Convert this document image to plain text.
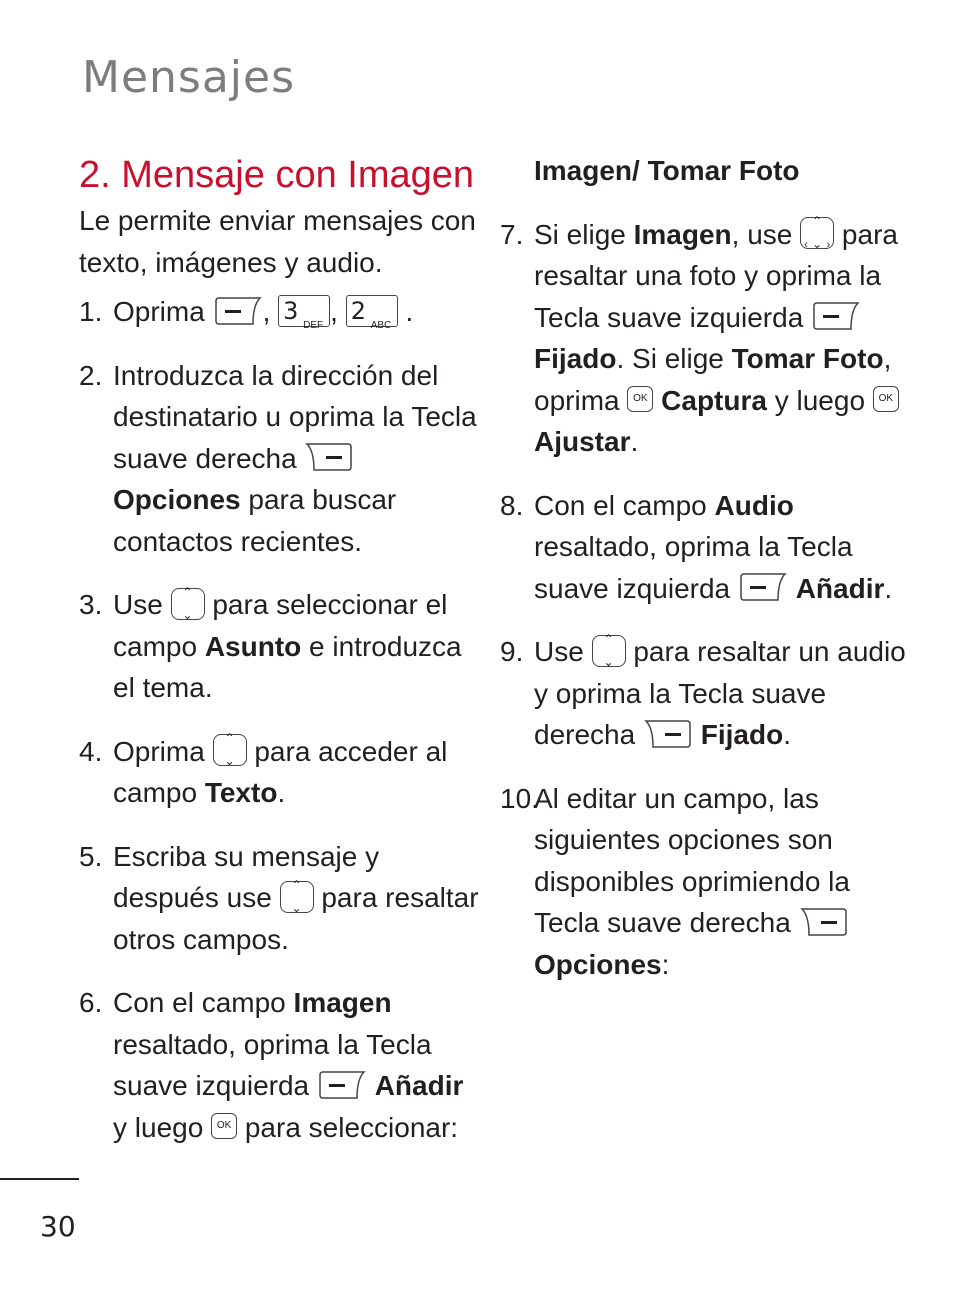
Mensajes
2. Mensaje con Imagen

Le permite enviar mensajes con texto, imágenes y audio.

1. Oprima , 3
DEF , 2
ABC .
2. Introduzca la dirección del destinatario u oprima la Tecla suave derecha  Opciones para buscar contactos recientes.
3. Use ⌃ ⌄ para seleccionar el campo Asunto e introduzca el tema.
4. Oprima ⌃ ⌄ para acceder al campo Texto.
5. Escriba su mensaje y después use ⌃ ⌄ para resaltar otros campos.
6. Con el campo Imagen resaltado, oprima la Tecla suave izquierda Añadir y luego OK para seleccionar:
Imagen/ Tomar Foto
7. Si elige Imagen, use ⌃ ‹ ›
⌄ para resaltar una foto y oprima la Tecla suave izquierda  Fijado. Si elige Tomar Foto, oprima OK Captura y luego OK Ajustar.
8. Con el campo Audio resaltado, oprima la Tecla suave izquierda Añadir.
9. Use ⌃ ⌄ para resaltar un audio y oprima la Tecla suave derecha Fijado.
10.
Al editar un campo, las siguientes opciones son disponibles oprimiendo la Tecla suave derecha  Opciones:
30
